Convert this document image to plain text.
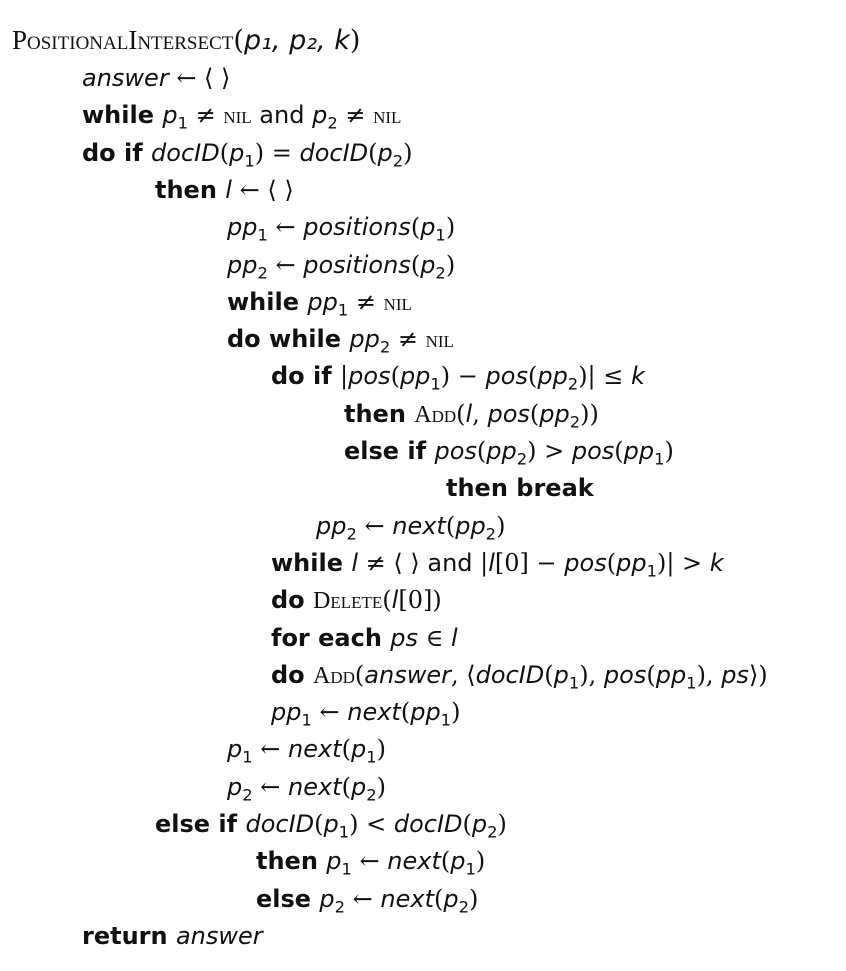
PositionalIntersect(p₁, p₂, k)
answer ← ⟨ ⟩
while $p_1$ ≠ nil and $p_2$ ≠ nil
do if $docID(p_1)$ = $docID(p_2)$
then l ← ⟨ ⟩
$pp_1$ ← $positions(p_1)$
$pp_2$ ← $positions(p_2)$
while $pp_1$ ≠ nil
do while $pp_2$ ≠ nil
do if $|pos(pp_1) - pos(pp_2)| \le k$
then Add(l, $pos(pp_2)$)
else if $pos(pp_2) > pos(pp_1)$
then break
$pp_2$ ← $next(pp_2)$
while l ≠ ⟨ ⟩ and $|l[0] - pos(pp_1)| > k$
do Delete(l[0])
for each ps ∈ l
do Add(answer, $⟨docID(p_1)$, $pos(pp_1)$, ps⟩)
$pp_1$ ← $next(pp_1)$
$p_1$ ← $next(p_1)$
$p_2$ ← $next(p_2)$
else if $docID(p_1)$ < $docID(p_2)$
then $p_1$ ← $next(p_1)$
else $p_2$ ← $next(p_2)$
return answer
